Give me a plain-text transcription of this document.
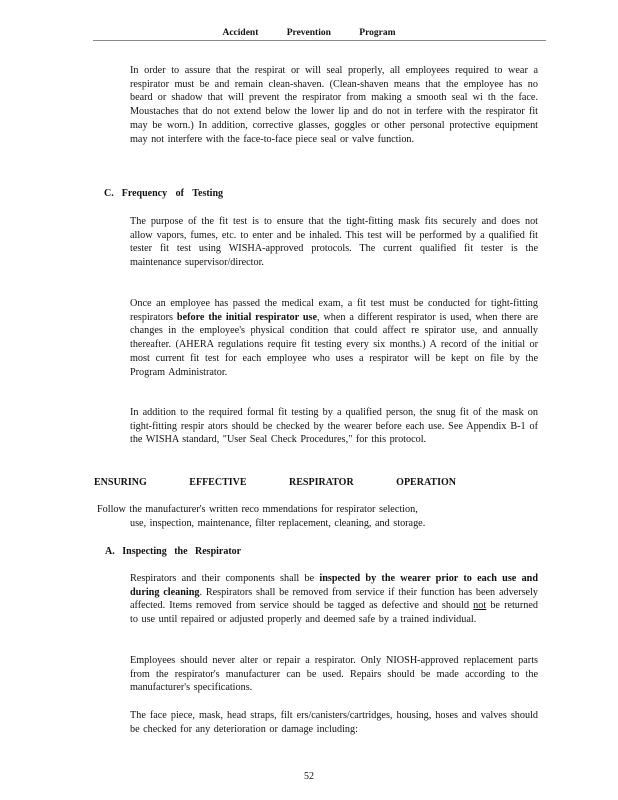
Accident Prevention Program
In order to assure that the respirat or will seal properly, all employees required to wear a respirator must be and remain clean-shaven. (Clean-shaven means that the employee has no beard or shadow that will prevent the respirator from making a smooth seal wi th the face. Moustaches that do not extend below the lower lip and do not in terfere with the respirator fit may be worn.) In addition, corrective glasses, goggles or other personal protective equipment may not interfere with the face-to-face piece seal or valve function.
C. Frequency of Testing
The purpose of the fit test is to ensure that the tight-fitting mask fits securely and does not allow vapors, fumes, etc. to enter and be inhaled. This test will be performed by a qualified fit tester fit test using WISHA-approved protocols. The current qualified fit tester is the maintenance supervisor/director.
Once an employee has passed the medical exam, a fit test must be conducted for tight-fitting respirators before the initial respirator use, when a different respirator is used, when there are changes in the employee's physical condition that could affect re spirator use, and annually thereafter. (AHERA regulations require fit testing every six months.) A record of the initial or most current fit test for each employee who uses a respirator will be kept on file by the Program Administrator.
In addition to the required formal fit testing by a qualified person, the snug fit of the mask on tight-fitting respir ators should be checked by the wearer before each use. See Appendix B-1 of the WISHA standard, "User Seal Check Procedures," for this protocol.
ENSURING EFFECTIVE RESPIRATOR OPERATION
Follow the manufacturer's written reco mmendations for respirator selection,
use, inspection, maintenance, filter replacement, cleaning, and storage.
A. Inspecting the Respirator
Respirators and their components shall be inspected by the wearer prior to each use and during cleaning. Respirators shall be removed from service if their function has been adversely affected. Items removed from service should be tagged as defective and should not be returned to use until repaired or adjusted properly and deemed safe by a trained individual.
Employees should never alter or repair a respirator. Only NIOSH-approved replacement parts from the respirator's manufacturer can be used. Repairs should be made according to the manufacturer's specifications.
The face piece, mask, head straps, filt ers/canisters/cartridges, housing, hoses and valves should be checked for any deterioration or damage including:
52
